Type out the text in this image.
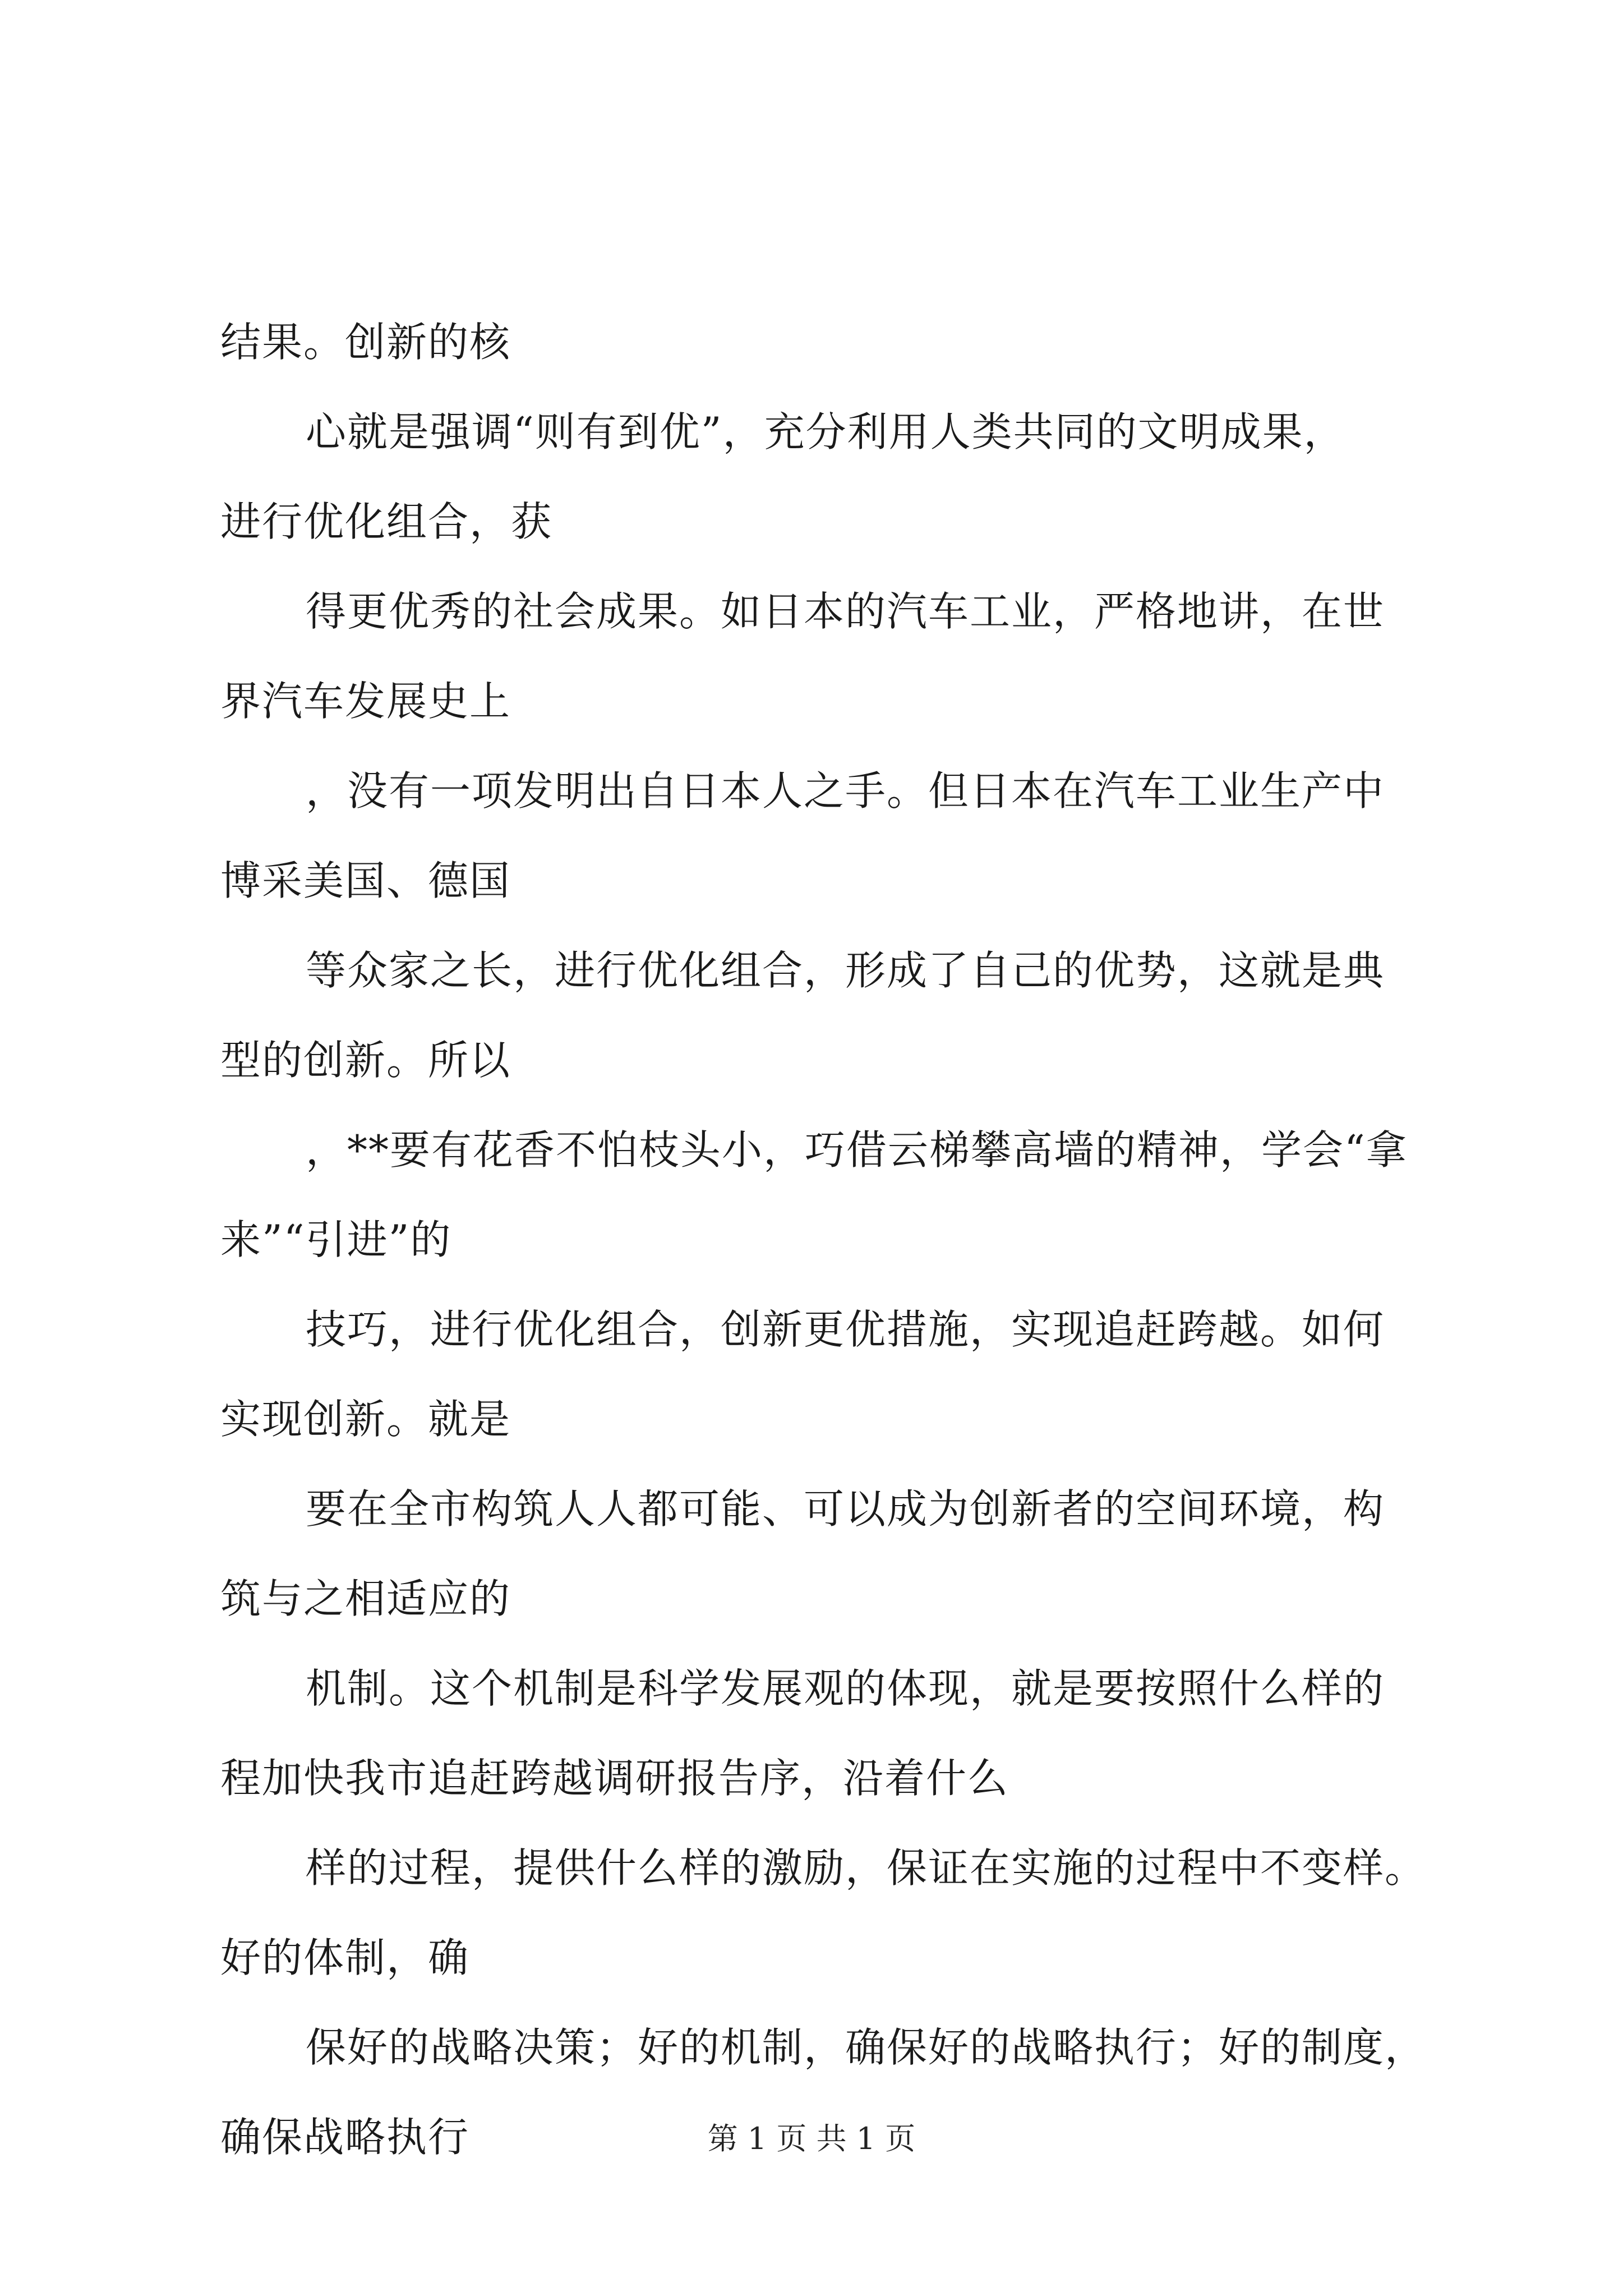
结果。创新的核

心就是强调“则有到优”，充分利用人类共同的文明成果，
进行优化组合，获

得更优秀的社会成果。如日本的汽车工业，严格地讲，在世
界汽车发展史上

，没有一项发明出自日本人之手。但日本在汽车工业生产中
博采美国、德国

等众家之长，进行优化组合，形成了自己的优势，这就是典
型的创新。所以

，**要有花香不怕枝头小，巧借云梯攀高墙的精神，学会“拿
来”“引进”的

技巧，进行优化组合，创新更优措施，实现追赶跨越。如何
实现创新。就是

要在全市构筑人人都可能、可以成为创新者的空间环境，构
筑与之相适应的

机制。这个机制是科学发展观的体现，就是要按照什么样的
程加快我市追赶跨越调研报告序，沿着什么

样的过程，提供什么样的激励，保证在实施的过程中不变样。
好的体制，确

保好的战略决策；好的机制，确保好的战略执行；好的制度，
确保战略执行	第 1 页 共 1 页
